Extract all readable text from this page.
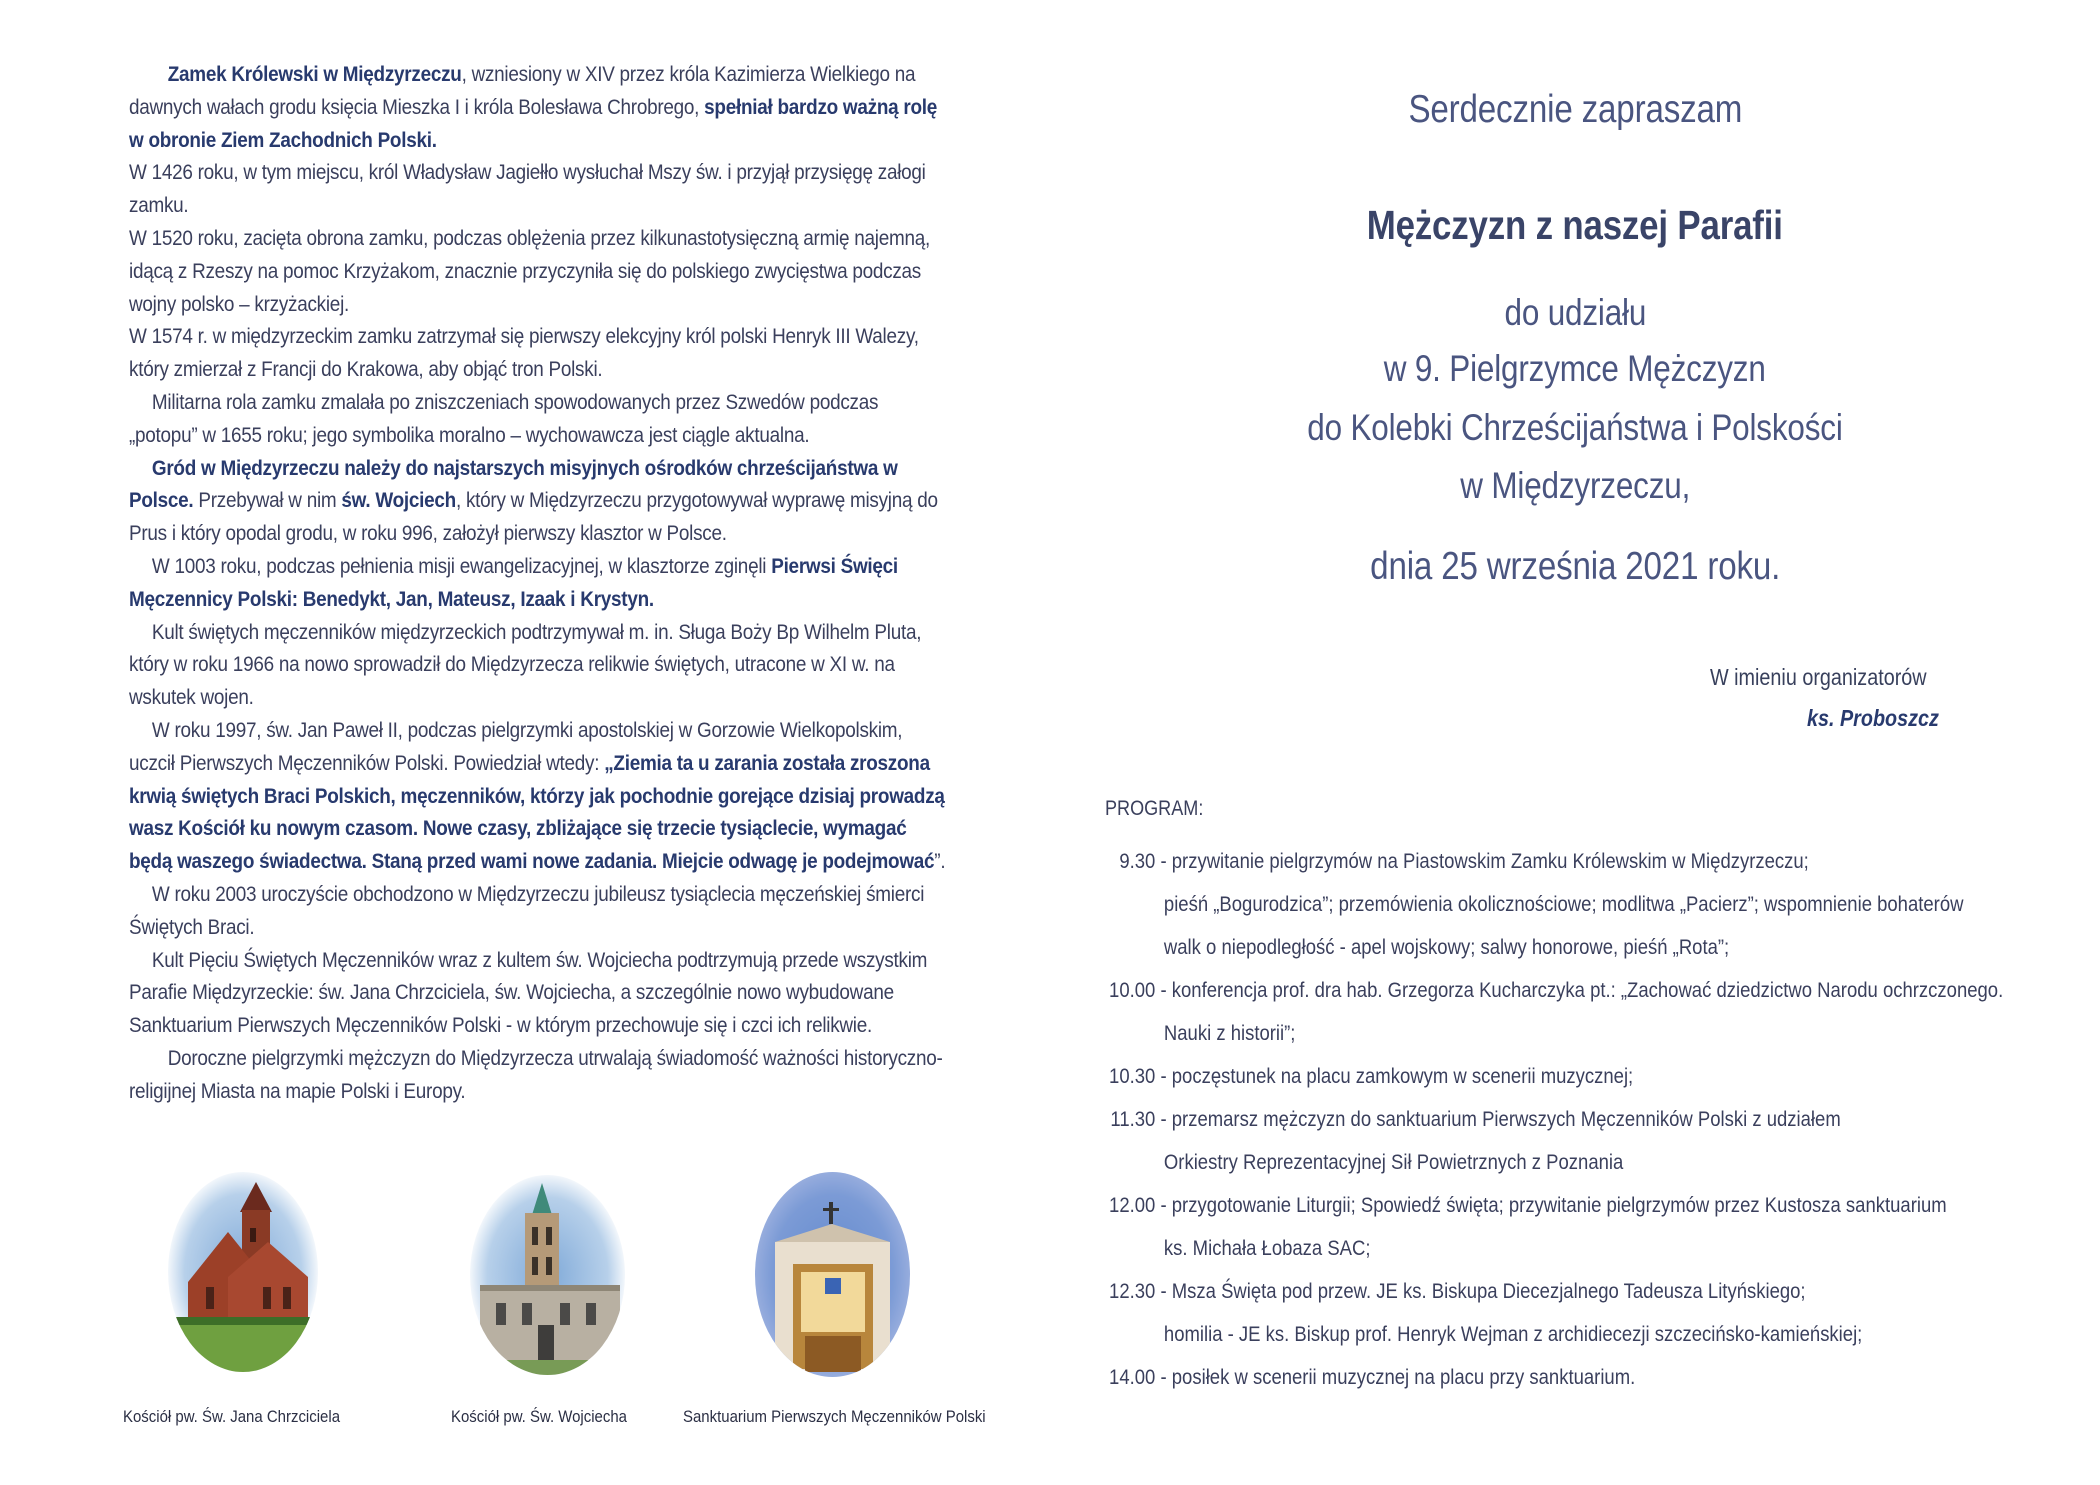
Zamek Królewski w Międzyrzeczu, wzniesiony w XIV przez króla Kazimierza Wielkiego na dawnych wałach grodu księcia Mieszka I i króla Bolesława Chrobrego, spełniał bardzo ważną rolę w obronie Ziem Zachodnich Polski.

W 1426 roku, w tym miejscu, król Władysław Jagiełło wysłuchał Mszy św. i przyjął przysięgę załogi zamku.

W 1520 roku, zacięta obrona zamku, podczas oblężenia przez kilkunastotysięczną armię najemną, idącą z Rzeszy na pomoc Krzyżakom, znacznie przyczyniła się do polskiego zwycięstwa podczas wojny polsko – krzyżackiej.

W 1574 r. w międzyrzeckim zamku zatrzymał się pierwszy elekcyjny król polski Henryk III Walezy, który zmierzał z Francji do Krakowa, aby objąć tron Polski.

Militarna rola zamku zmalała po zniszczeniach spowodowanych przez Szwedów podczas „potopu” w 1655 roku; jego symbolika moralno – wychowawcza jest ciągle aktualna.

Gród w Międzyrzeczu należy do najstarszych misyjnych ośrodków chrześcijaństwa w Polsce. Przebywał w nim św. Wojciech, który w Międzyrzeczu przygotowywał wyprawę misyjną do Prus i który opodal grodu, w roku 996, założył pierwszy klasztor w Polsce.

W 1003 roku, podczas pełnienia misji ewangelizacyjnej, w klasztorze zginęli Pierwsi Święci Męczennicy Polski: Benedykt, Jan, Mateusz, Izaak i Krystyn.

Kult świętych męczenników międzyrzeckich podtrzymywał m. in. Sługa Boży Bp Wilhelm Pluta, który w roku 1966 na nowo sprowadził do Międzyrzecza relikwie świętych, utracone w XI w. na wskutek wojen.

W roku 1997, św. Jan Paweł II, podczas pielgrzymki apostolskiej w Gorzowie Wielkopolskim, uczcił Pierwszych Męczenników Polski. Powiedział wtedy: „Ziemia ta u zarania została zroszona krwią świętych Braci Polskich, męczenników, którzy jak pochodnie gorejące dzisiaj prowadzą wasz Kościół ku nowym czasom. Nowe czasy, zbliżające się trzecie tysiąclecie, wymagać będą waszego świadectwa. Staną przed wami nowe zadania. Miejcie odwagę je podejmować”.

W roku 2003 uroczyście obchodzono w Międzyrzeczu jubileusz tysiąclecia męczeńskiej śmierci Świętych Braci.

Kult Pięciu Świętych Męczenników wraz z kultem św. Wojciecha podtrzymują przede wszystkim Parafie Międzyrzeckie: św. Jana Chrzciciela, św. Wojciecha, a szczególnie nowo wybudowane Sanktuarium Pierwszych Męczenników Polski - w którym przechowuje się i czci ich relikwie.

Doroczne pielgrzymki mężczyzn do Międzyrzecza utrwalają świadomość ważności historyczno-religijnej Miasta na mapie Polski i Europy.

Kościół pw. Św. Jana Chrzciciela	Kościół pw. Św. Wojciecha	Sanktuarium Pierwszych Męczenników Polski
Serdecznie zapraszam
Mężczyzn z naszej Parafii
do udziału
w 9. Pielgrzymce Mężczyzn
do Kolebki Chrześcijaństwa i Polskości
w Międzyrzeczu,
dnia 25 września 2021 roku.
W imieniu organizatorów
ks. Proboszcz
PROGRAM:
9.30 - przywitanie pielgrzymów na Piastowskim Zamku Królewskim w Międzyrzeczu;
pieśń „Bogurodzica”; przemówienia okolicznościowe; modlitwa „Pacierz”; wspomnienie bohaterów
walk o niepodległość - apel wojskowy; salwy honorowe, pieśń „Rota”;
10.00 - konferencja prof. dra hab. Grzegorza Kucharczyka pt.: „Zachować dziedzictwo Narodu ochrzczonego.
Nauki z historii”;
10.30 - poczęstunek na placu zamkowym w scenerii muzycznej;
11.30 - przemarsz mężczyzn do sanktuarium Pierwszych Męczenników Polski z udziałem
Orkiestry Reprezentacyjnej Sił Powietrznych z Poznania
12.00 - przygotowanie Liturgii; Spowiedź święta; przywitanie pielgrzymów przez Kustosza sanktuarium
ks. Michała Łobaza SAC;
12.30 - Msza Święta pod przew. JE ks. Biskupa Diecezjalnego Tadeusza Lityńskiego;
homilia - JE ks. Biskup prof. Henryk Wejman z archidiecezji szczecińsko-kamieńskiej;
14.00 - posiłek w scenerii muzycznej na placu przy sanktuarium.
